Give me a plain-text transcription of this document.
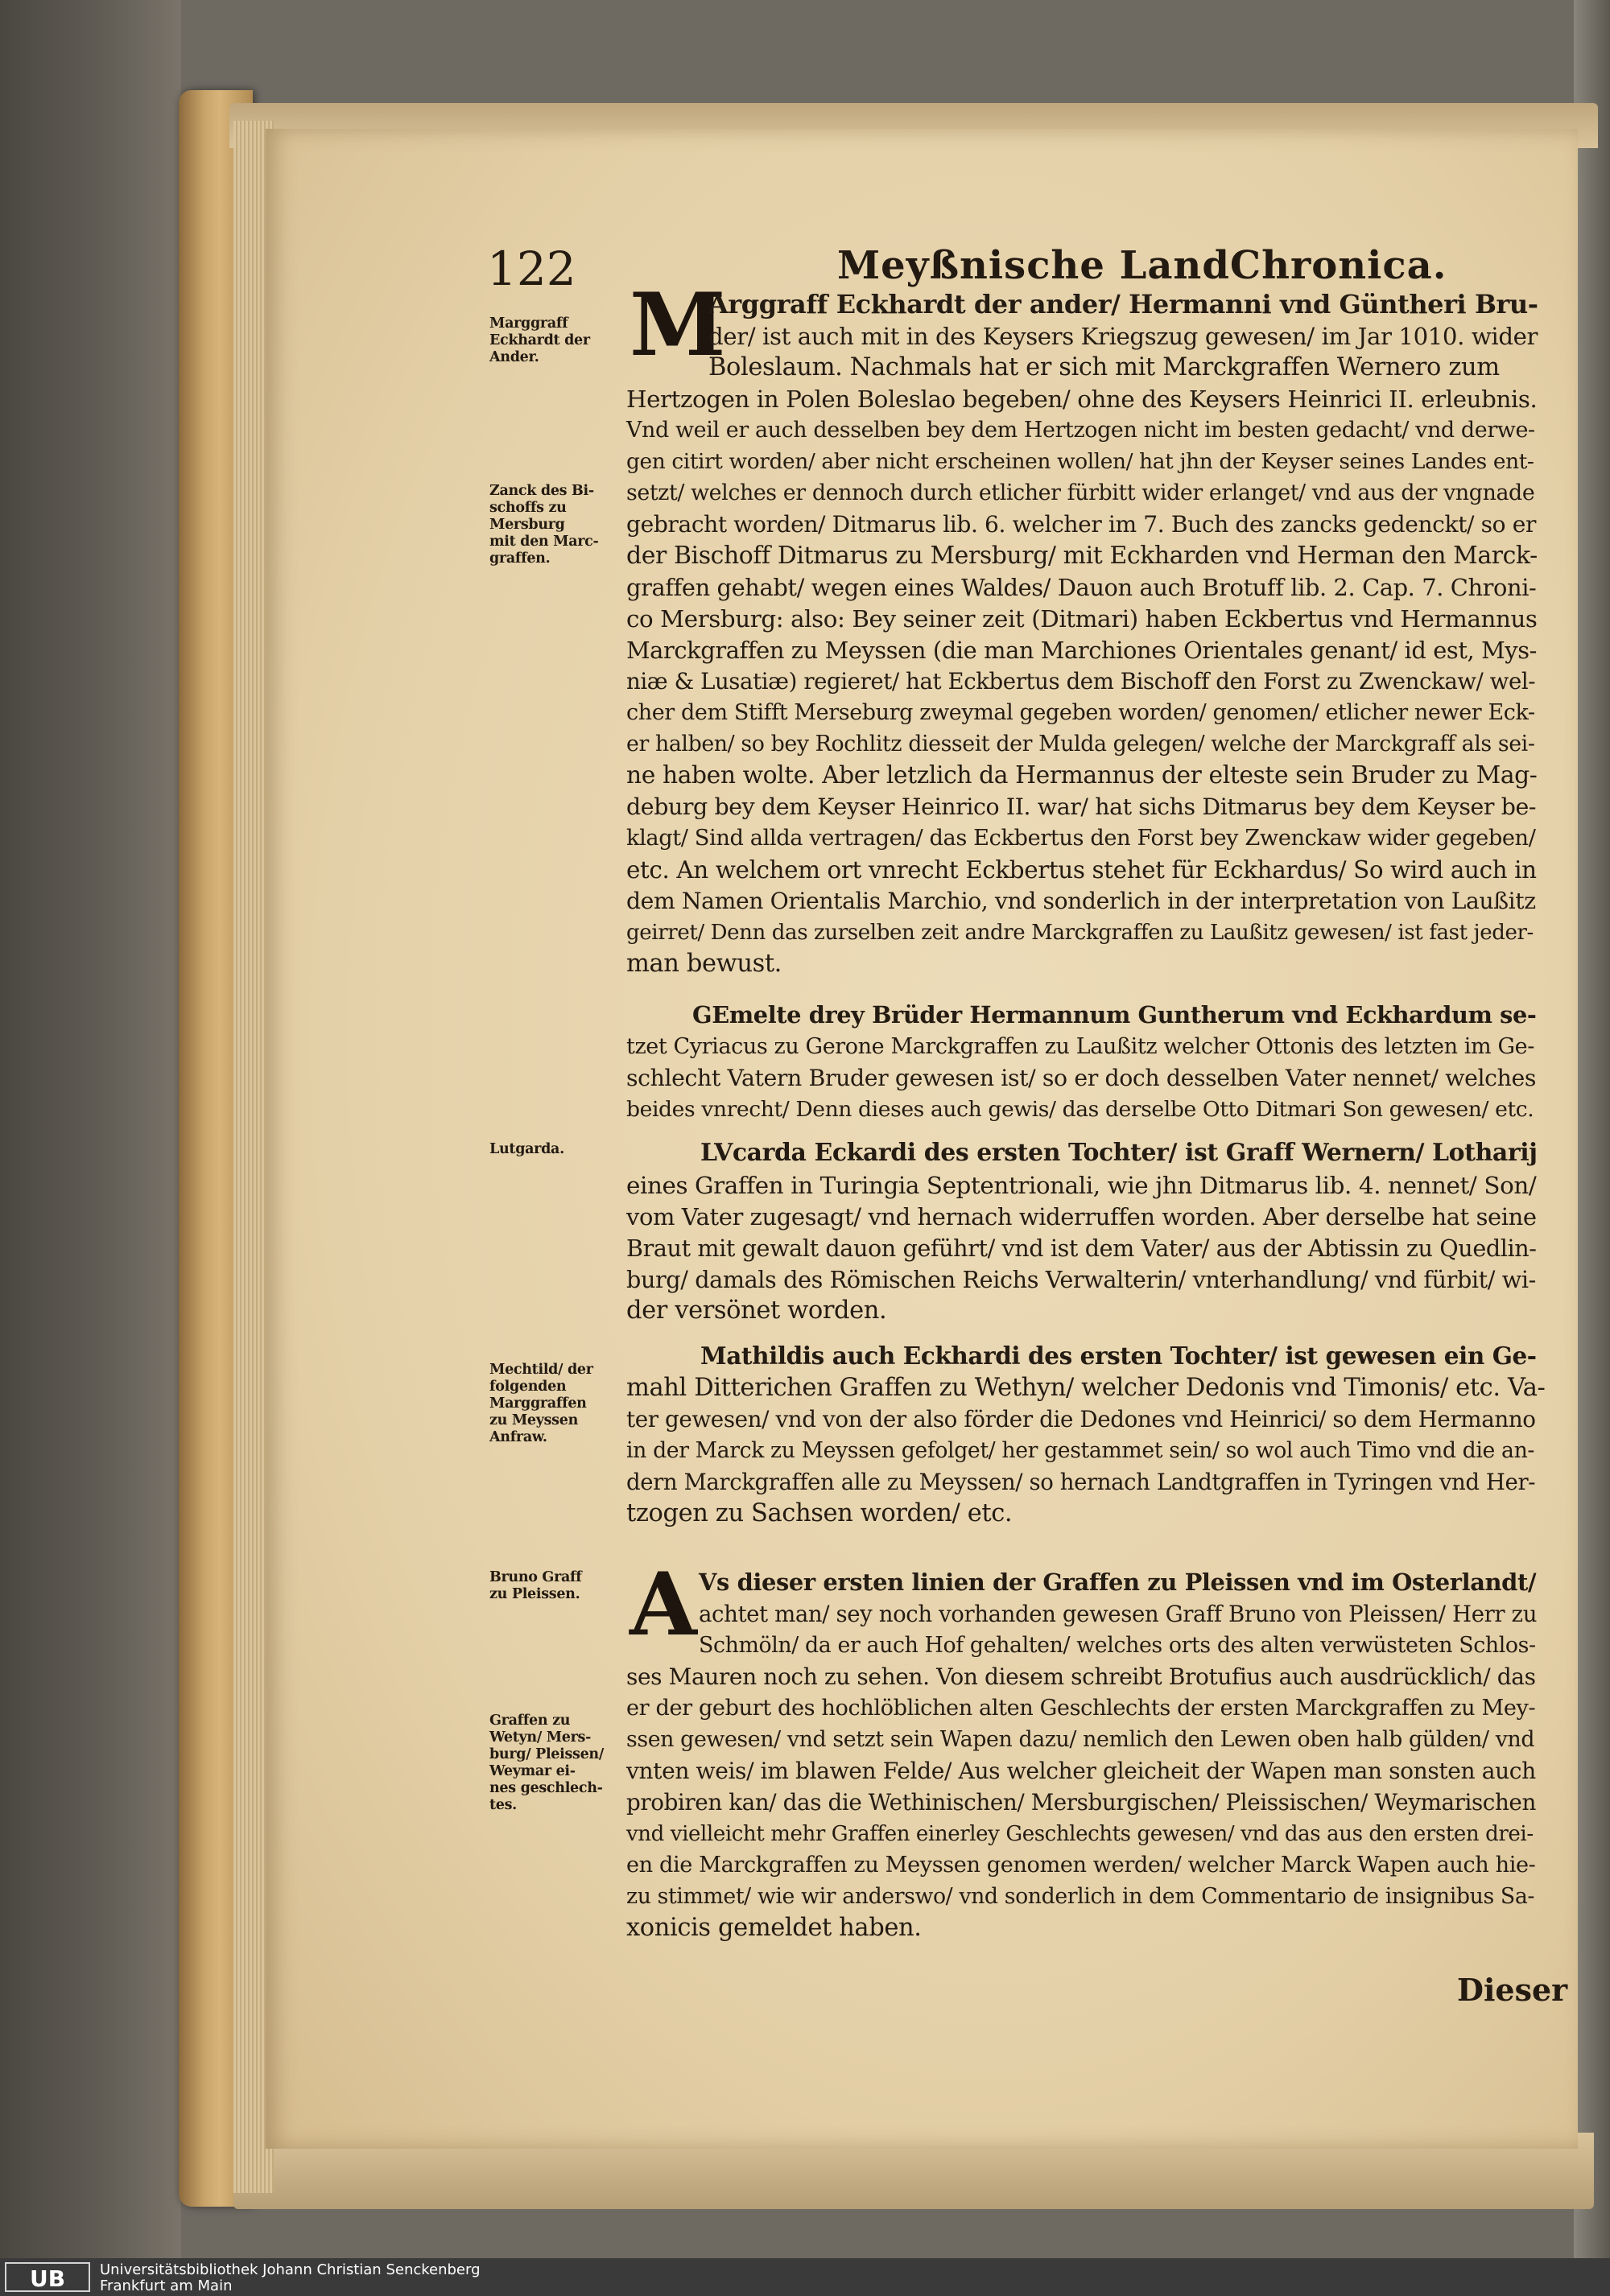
122	Meyßnische LandChronica.
M
A
Marggraff
Eckhardt der
Ander.
Zanck des Bi-
schoffs zu
Mersburg
mit den Marc-
graffen.
Arggraff Eckhardt der ander/ Hermanni vnd Güntheri Bru-
der/ ist auch mit in des Keysers Kriegszug gewesen/ im Jar 1010. wider
Boleslaum. Nachmals hat er sich mit Marckgraffen Wernero zum
Hertzogen in Polen Boleslao begeben/ ohne des Keysers Heinrici II. erleubnis.
Vnd weil er auch desselben bey dem Hertzogen nicht im besten gedacht/ vnd derwe-
gen citirt worden/ aber nicht erscheinen wollen/ hat jhn der Keyser seines Landes ent-
setzt/ welches er dennoch durch etlicher fürbitt wider erlanget/ vnd aus der vngnade
gebracht worden/ Ditmarus lib. 6. welcher im 7. Buch des zancks gedenckt/ so er
der Bischoff Ditmarus zu Mersburg/ mit Eckharden vnd Herman den Marck-
graffen gehabt/ wegen eines Waldes/ Dauon auch Brotuff lib. 2. Cap. 7. Chroni-
co Mersburg: also: Bey seiner zeit (Ditmari) haben Eckbertus vnd Hermannus
Marckgraffen zu Meyssen (die man Marchiones Orientales genant/ id est, Mys-
niæ & Lusatiæ) regieret/ hat Eckbertus dem Bischoff den Forst zu Zwenckaw/ wel-
cher dem Stifft Merseburg zweymal gegeben worden/ genomen/ etlicher newer Eck-
er halben/ so bey Rochlitz diesseit der Mulda gelegen/ welche der Marckgraff als sei-
ne haben wolte. Aber letzlich da Hermannus der elteste sein Bruder zu Mag-
deburg bey dem Keyser Heinrico II. war/ hat sichs Ditmarus bey dem Keyser be-
klagt/ Sind allda vertragen/ das Eckbertus den Forst bey Zwenckaw wider gegeben/
etc. An welchem ort vnrecht Eckbertus stehet für Eckhardus/ So wird auch in
dem Namen Orientalis Marchio, vnd sonderlich in der interpretation von Laußitz
geirret/ Denn das zurselben zeit andre Marckgraffen zu Laußitz gewesen/ ist fast jeder-
man bewust.
GEmelte drey Brüder Hermannum Guntherum vnd Eckhardum se-
tzet Cyriacus zu Gerone Marckgraffen zu Laußitz welcher Ottonis des letzten im Ge-
schlecht Vatern Bruder gewesen ist/ so er doch desselben Vater nennet/ welches
beides vnrecht/ Denn dieses auch gewis/ das derselbe Otto Ditmari Son gewesen/ etc.
Lutgarda.	LVcarda Eckardi des ersten Tochter/ ist Graff Wernern/ Lotharij
eines Graffen in Turingia Septentrionali, wie jhn Ditmarus lib. 4. nennet/ Son/
vom Vater zugesagt/ vnd hernach widerruffen worden. Aber derselbe hat seine
Braut mit gewalt dauon geführt/ vnd ist dem Vater/ aus der Abtissin zu Quedlin-
burg/ damals des Römischen Reichs Verwalterin/ vnterhandlung/ vnd fürbit/ wi-
der versönet worden.
Mechtild/ der
folgenden
Marggraffen
zu Meyssen
Anfraw.
Mathildis auch Eckhardi des ersten Tochter/ ist gewesen ein Ge-
mahl Ditterichen Graffen zu Wethyn/ welcher Dedonis vnd Timonis/ etc. Va-
ter gewesen/ vnd von der also förder die Dedones vnd Heinrici/ so dem Hermanno
in der Marck zu Meyssen gefolget/ her gestammet sein/ so wol auch Timo vnd die an-
dern Marckgraffen alle zu Meyssen/ so hernach Landtgraffen in Tyringen vnd Her-
tzogen zu Sachsen worden/ etc.
Bruno Graff
zu Pleissen.
Graffen zu
Wetyn/ Mers-
burg/ Pleissen/
Weymar ei-
nes geschlech-
tes.
Vs dieser ersten linien der Graffen zu Pleissen vnd im Osterlandt/
achtet man/ sey noch vorhanden gewesen Graff Bruno von Pleissen/ Herr zu
Schmöln/ da er auch Hof gehalten/ welches orts des alten verwüsteten Schlos-
ses Mauren noch zu sehen. Von diesem schreibt Brotufius auch ausdrücklich/ das
er der geburt des hochlöblichen alten Geschlechts der ersten Marckgraffen zu Mey-
ssen gewesen/ vnd setzt sein Wapen dazu/ nemlich den Lewen oben halb gülden/ vnd
vnten weis/ im blawen Felde/ Aus welcher gleicheit der Wapen man sonsten auch
probiren kan/ das die Wethinischen/ Mersburgischen/ Pleissischen/ Weymarischen
vnd vielleicht mehr Graffen einerley Geschlechts gewesen/ vnd das aus den ersten drei-
en die Marckgraffen zu Meyssen genomen werden/ welcher Marck Wapen auch hie-
zu stimmet/ wie wir anderswo/ vnd sonderlich in dem Commentario de insignibus Sa-
xonicis gemeldet haben.
Dieser
UB	Universitätsbibliothek Johann Christian Senckenberg
Frankfurt am Main
